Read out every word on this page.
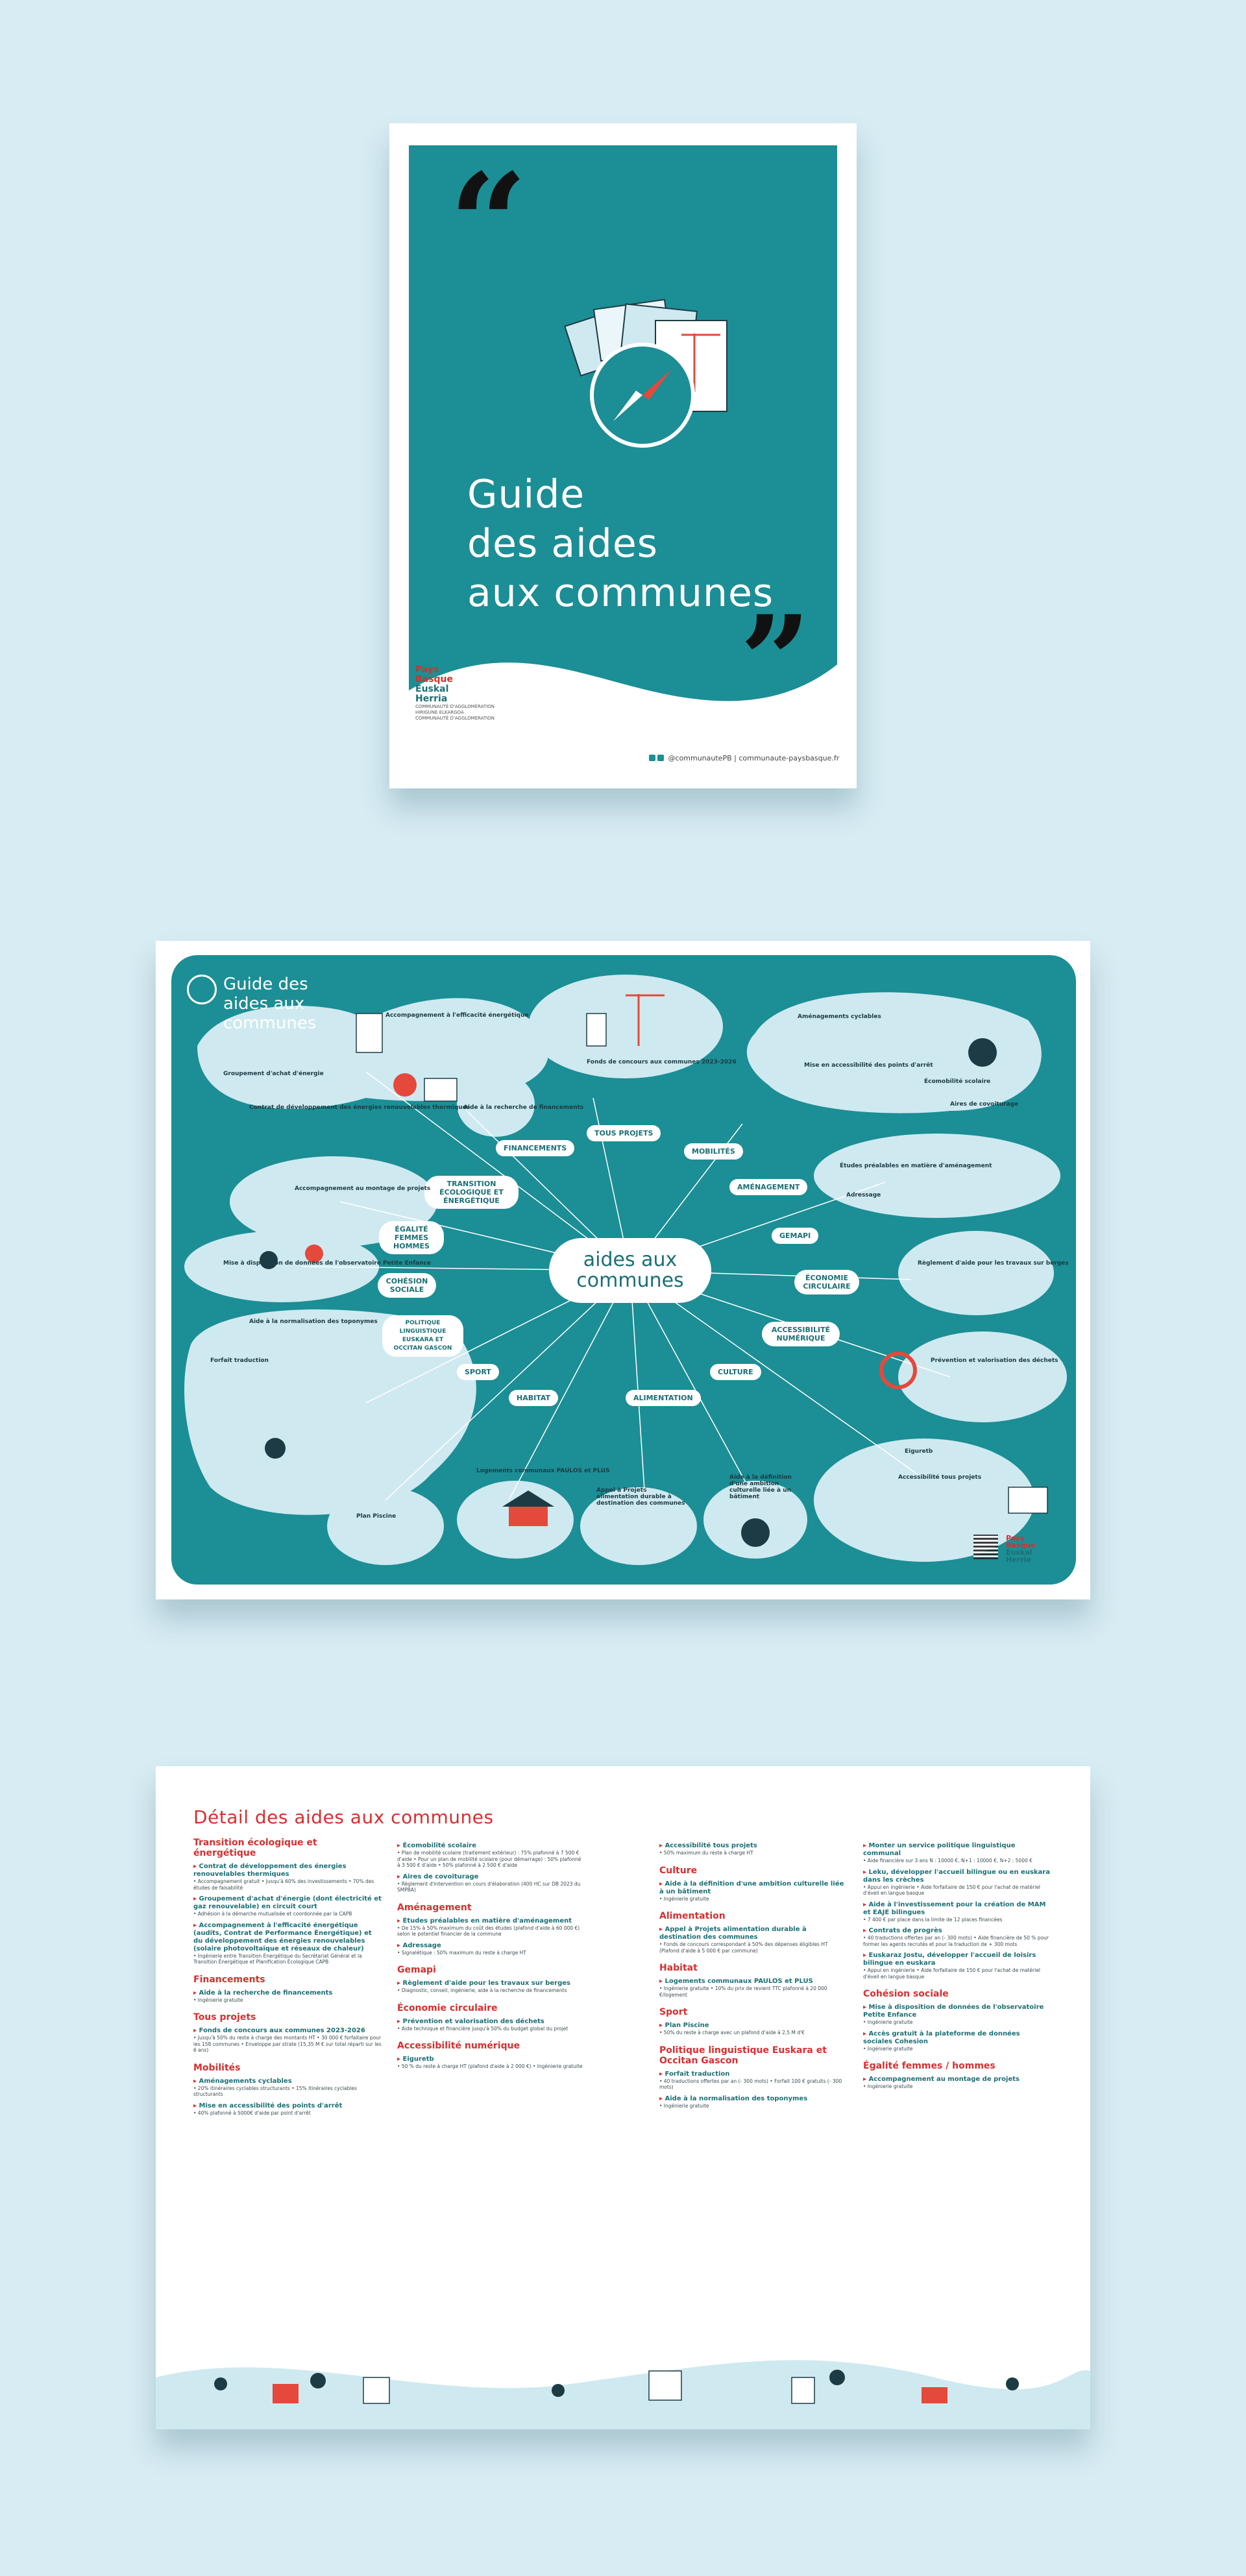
“
Guide
des aides
aux communes
”
Pays
Basque
Euskal
Herria
COMMUNAUTÉ D'AGGLOMÉRATION
HIRIGUNE ELKARGOA
COMMUNAUTÉ D'AGGLOMÉRATION
@communautePB | communaute-paysbasque.fr
Guide des aides aux communes
aides aux communes
TOUS PROJETS
FINANCEMENTS	MOBILITÉS
TRANSITION ÉCOLOGIQUE ET ÉNERGÉTIQUE
AMÉNAGEMENT
ÉGALITÉ FEMMES HOMMES
GEMAPI
COHÉSION SOCIALE
ÉCONOMIE CIRCULAIRE
POLITIQUE LINGUISTIQUE EUSKARA ET OCCITAN GASCON
ACCESSIBILITÉ NUMÉRIQUE
CULTURE
SPORT
HABITAT	ALIMENTATION
Accompagnement à l'efficacité énergétique
Groupement d'achat d'énergie
Contrat de développement des énergies renouvelables thermiques
Aide à la recherche de financements
Fonds de concours aux communes 2023-2026
Aménagements cyclables
Mise en accessibilité des points d'arrêt
Écomobilité scolaire
Aires de covoiturage
Études préalables en matière d'aménagement
Adressage
Règlement d'aide pour les travaux sur berges
Prévention et valorisation des déchets
Eiguretb
Accessibilité tous projets
Accompagnement au montage de projets
Mise à disposition de données de l'observatoire Petite Enfance
Aide à la normalisation des toponymes
Forfait traduction
Plan Piscine
Logements communaux PAULOS et PLUS
Appel à Projets alimentation durable à destination des communes
Aide à la définition d'une ambition culturelle liée à un bâtiment
Pays
Basque
Euskal
Herria
Détail des aides aux communes
Transition écologique et énergétique
▸ Contrat de développement des énergies renouvelables thermiques
• Accompagnement gratuit • Jusqu'à 60% des investissements • 70% des études de faisabilité
▸ Groupement d'achat d'énergie (dont électricité et gaz renouvelable) en circuit court
• Adhésion à la démarche mutualisée et coordonnée par la CAPB
▸ Accompagnement à l'efficacité énergétique (audits, Contrat de Performance Énergétique) et du développement des énergies renouvelables (solaire photovoltaïque et réseaux de chaleur)
• Ingénierie entre Transition Énergétique du Secrétariat Général et la Transition Énergétique et Planification Écologique CAPB
Financements
▸ Aide à la recherche de financements
• Ingénierie gratuite
Tous projets
▸ Fonds de concours aux communes 2023-2026
• Jusqu'à 50% du reste à charge des montants HT • 30 000 € forfaitaire pour les 158 communes • Enveloppe par strate (15,35 M € sur total réparti sur les 6 ans)
Mobilités
▸ Aménagements cyclables
• 20% itinéraires cyclables structurants • 15% itinéraires cyclables structurants
▸ Mise en accessibilité des points d'arrêt
• 40% plafonné à 5000€ d'aide par point d'arrêt
▸ Écomobilité scolaire
• Plan de mobilité scolaire (traitement extérieur) : 75% plafonné à 7 500 € d'aide • Pour un plan de mobilité scolaire (pour démarrage) : 50% plafonné à 3 500 € d'aide • 50% plafonné à 2 500 € d'aide
▸ Aires de covoiturage
• Règlement d'intervention en cours d'élaboration (400 HC sur DB 2023 du SMPBA)
Aménagement
▸ Études préalables en matière d'aménagement
• De 15% à 50% maximum du coût des études (plafond d'aide à 60 000 €) selon le potentiel financier de la commune
▸ Adressage
• Signalétique : 50% maximum du reste à charge HT
Gemapi
▸ Règlement d'aide pour les travaux sur berges
• Diagnostic, conseil, ingénierie, aide à la recherche de financements
Économie circulaire
▸ Prévention et valorisation des déchets
• Aide technique et financière jusqu'à 50% du budget global du projet
Accessibilité numérique
▸ Eiguretb
• 50 % du reste à charge HT (plafond d'aide à 2 000 €) • Ingénierie gratuite
▸ Accessibilité tous projets
• 50% maximum du reste à charge HT
Culture
▸ Aide à la définition d'une ambition culturelle liée à un bâtiment
• Ingénierie gratuite
Alimentation
▸ Appel à Projets alimentation durable à destination des communes
• Fonds de concours correspondant à 50% des dépenses éligibles HT (Plafond d'aide à 5 000 € par commune)
Habitat
▸ Logements communaux PAULOS et PLUS
• Ingénierie gratuite • 10% du prix de revient TTC plafonné à 20 000 €/logement
Sport
▸ Plan Piscine
• 50% du reste à charge avec un plafond d'aide à 2,5 M d'€
Politique linguistique Euskara et Occitan Gascon
▸ Forfait traduction
• 40 traductions offertes par an (- 300 mots) • Forfait 100 € gratuits (- 300 mots)
▸ Aide à la normalisation des toponymes
• Ingénierie gratuite
▸ Monter un service politique linguistique communal
• Aide financière sur 3 ans N : 10000 €, N+1 : 10000 €, N+2 : 5000 €
▸ Leku, développer l'accueil bilingue ou en euskara dans les crèches
• Appui en ingénierie • Aide forfaitaire de 150 € pour l'achat de matériel d'éveil en langue basque
▸ Aide à l'investissement pour la création de MAM et EAJE bilingues
• 7 400 € par place dans la limite de 12 places financées
▸ Contrats de progrès
• 40 traductions offertes par an (- 300 mots) • Aide financière de 50 % pour former les agents recrutés et pour la traduction de + 300 mots
▸ Euskaraz Jostu, développer l'accueil de loisirs bilingue en euskara
• Appui en ingénierie • Aide forfaitaire de 150 € pour l'achat de matériel d'éveil en langue basque
Cohésion sociale
▸ Mise à disposition de données de l'observatoire Petite Enfance
• Ingénierie gratuite
▸ Accès gratuit à la plateforme de données sociales Cohesion
• Ingénierie gratuite
Égalité femmes / hommes
▸ Accompagnement au montage de projets
• Ingénierie gratuite
